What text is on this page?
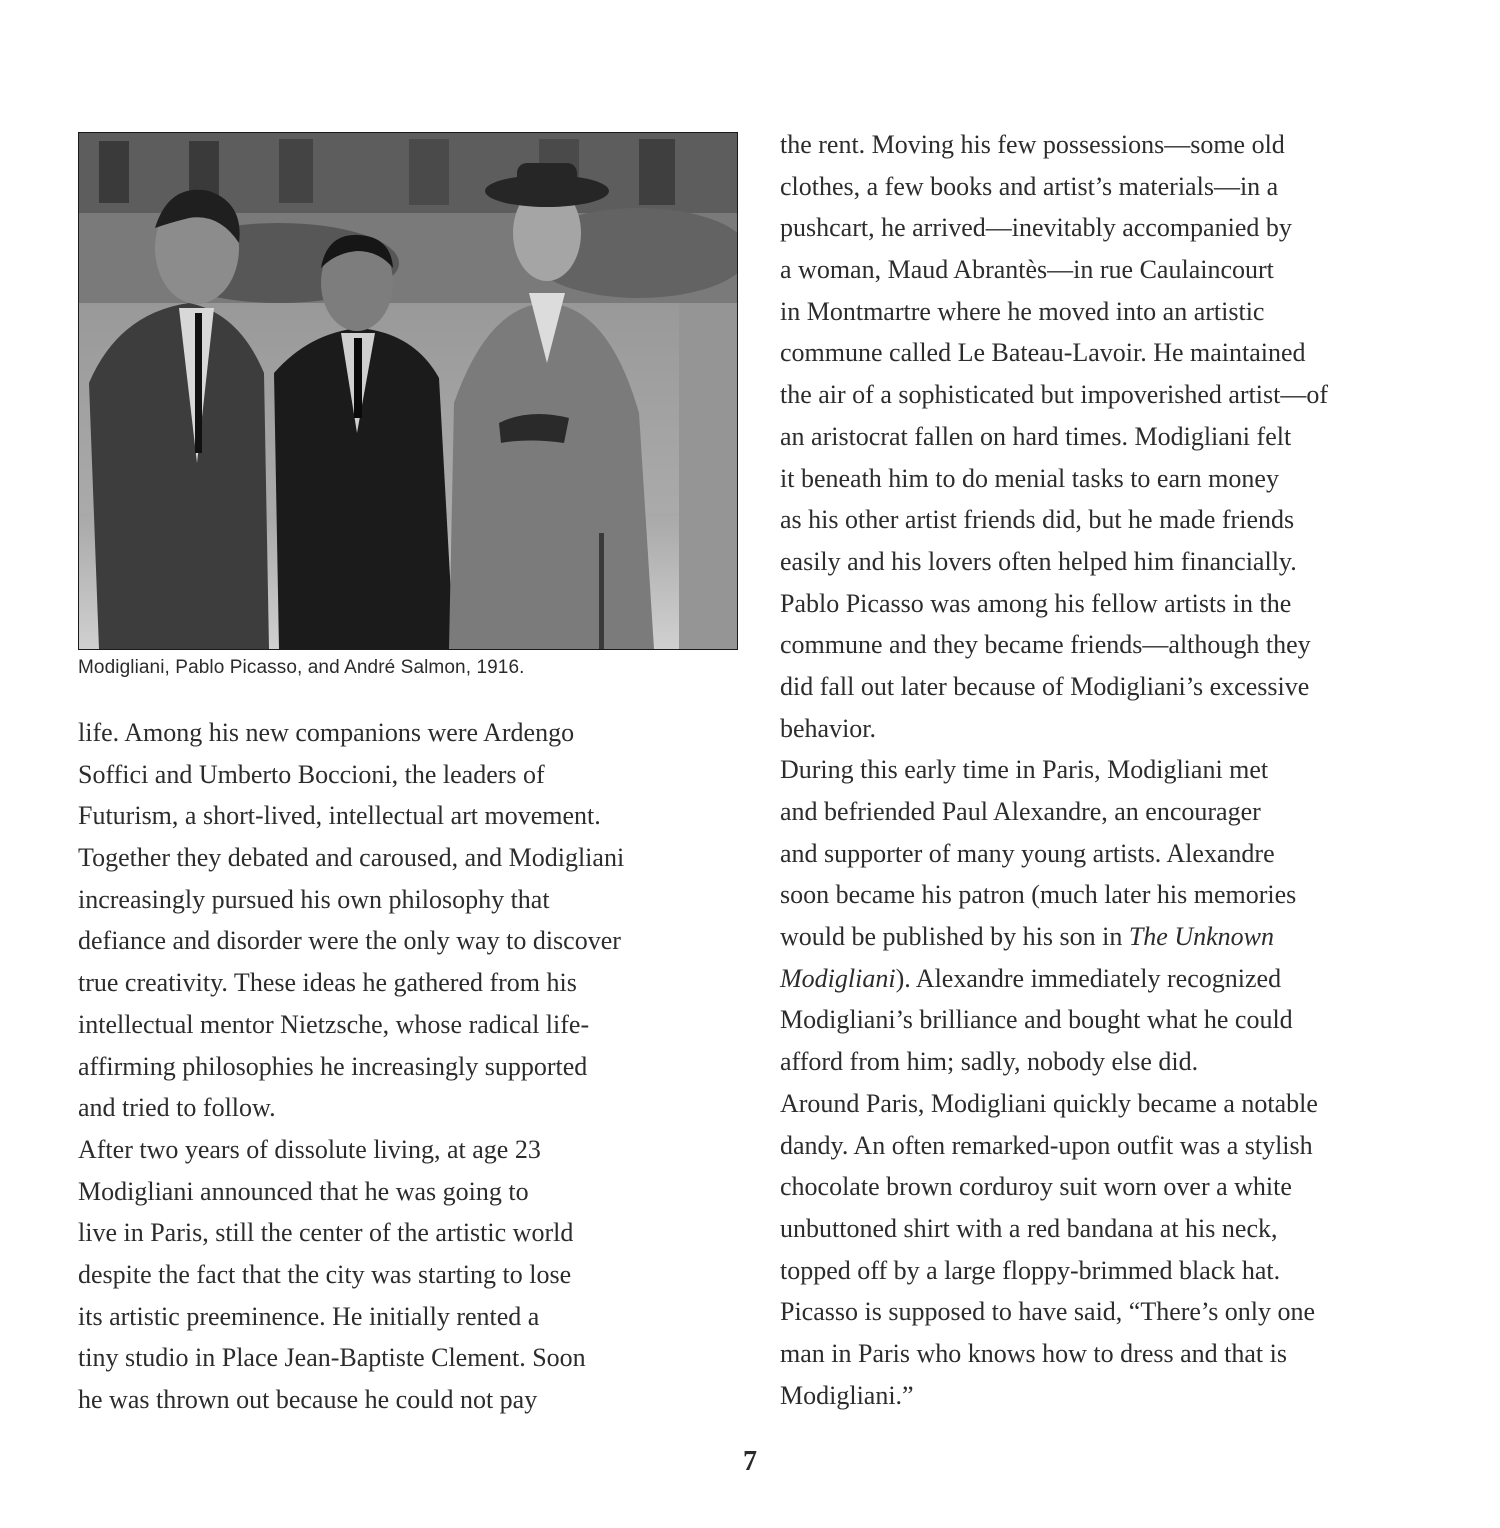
Modigliani, Pablo Picasso, and André Salmon, 1916.
life. Among his new companions were Ardengo
Soffici and Umberto Boccioni, the leaders of
Futurism, a short-lived, intellectual art movement.
Together they debated and caroused, and Modigliani
increasingly pursued his own philosophy that
defiance and disorder were the only way to discover
true creativity. These ideas he gathered from his
intellectual mentor Nietzsche, whose radical life-
affirming philosophies he increasingly supported
and tried to follow.
After two years of dissolute living, at age 23
Modigliani announced that he was going to
live in Paris, still the center of the artistic world
despite the fact that the city was starting to lose
its artistic preeminence. He initially rented a
tiny studio in Place Jean-Baptiste Clement. Soon
he was thrown out because he could not pay
the rent. Moving his few possessions—some old
clothes, a few books and artist’s materials—in a
pushcart, he arrived—inevitably accompanied by
a woman, Maud Abrantès—in rue Caulaincourt
in Montmartre where he moved into an artistic
commune called Le Bateau-Lavoir. He maintained
the air of a sophisticated but impoverished artist—of
an aristocrat fallen on hard times. Modigliani felt
it beneath him to do menial tasks to earn money
as his other artist friends did, but he made friends
easily and his lovers often helped him financially.
Pablo Picasso was among his fellow artists in the
commune and they became friends—although they
did fall out later because of Modigliani’s excessive
behavior.
During this early time in Paris, Modigliani met
and befriended Paul Alexandre, an encourager
and supporter of many young artists. Alexandre
soon became his patron (much later his memories
would be published by his son in The Unknown
Modigliani). Alexandre immediately recognized
Modigliani’s brilliance and bought what he could
afford from him; sadly, nobody else did.
Around Paris, Modigliani quickly became a notable
dandy. An often remarked-upon outfit was a stylish
chocolate brown corduroy suit worn over a white
unbuttoned shirt with a red bandana at his neck,
topped off by a large floppy-brimmed black hat.
Picasso is supposed to have said, “There’s only one
man in Paris who knows how to dress and that is
Modigliani.”
7
